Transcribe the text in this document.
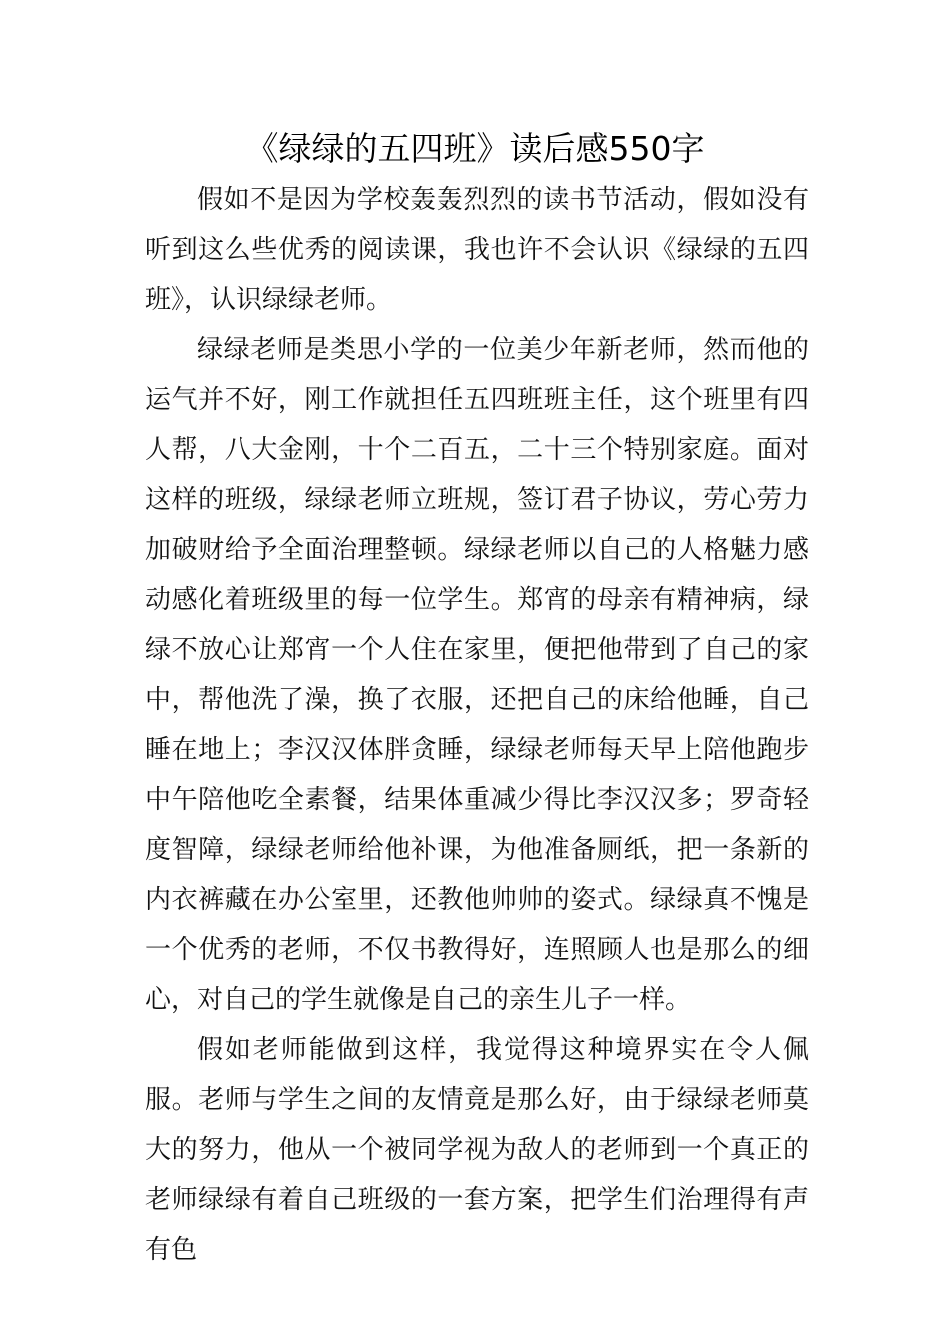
《绿绿的五四班》读后感550字

假如不是因为学校轰轰烈烈的读书节活动，假如没有听到这么些优秀的阅读课，我也许不会认识《绿绿的五四班》，认识绿绿老师。

绿绿老师是类思小学的一位美少年新老师，然而他的运气并不好，刚工作就担任五四班班主任，这个班里有四人帮，八大金刚，十个二百五，二十三个特别家庭。面对这样的班级，绿绿老师立班规，签订君子协议，劳心劳力加破财给予全面治理整顿。绿绿老师以自己的人格魅力感动感化着班级里的每一位学生。郑宵的母亲有精神病，绿绿不放心让郑宵一个人住在家里，便把他带到了自己的家中，帮他洗了澡，换了衣服，还把自己的床给他睡，自己睡在地上；李汉汉体胖贪睡，绿绿老师每天早上陪他跑步中午陪他吃全素餐，结果体重减少得比李汉汉多；罗奇轻度智障，绿绿老师给他补课，为他准备厕纸，把一条新的内衣裤藏在办公室里，还教他帅帅的姿式。绿绿真不愧是一个优秀的老师，不仅书教得好，连照顾人也是那么的细心，对自己的学生就像是自己的亲生儿子一样。

假如老师能做到这样，我觉得这种境界实在令人佩服。老师与学生之间的友情竟是那么好，由于绿绿老师莫大的努力，他从一个被同学视为敌人的老师到一个真正的老师绿绿有着自己班级的一套方案，把学生们治理得有声有色
